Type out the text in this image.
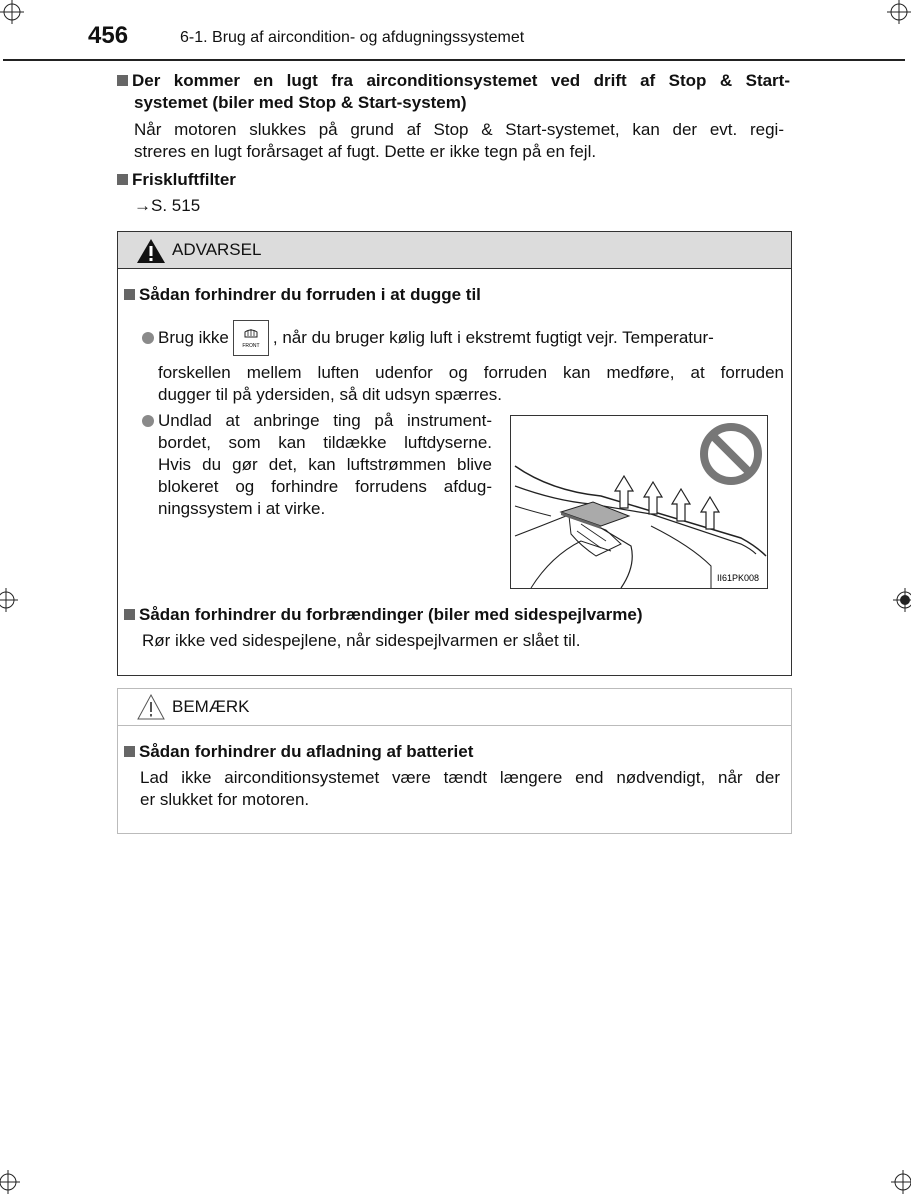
456	6-1. Brug af aircondition- og afdugningssystemet
Der kommer en lugt fra airconditionsystemet ved drift af Stop & Start-
systemet (biler med Stop & Start-system)
Når motoren slukkes på grund af Stop & Start-systemet, kan der evt. regi-
streres en lugt forårsaget af fugt. Dette er ikke tegn på en fejl.
Friskluftfilter
→S. 515
ADVARSEL
Sådan forhindrer du forruden i at dugge til
Brug ikke	FRONT , når du bruger kølig luft i ekstremt fugtigt vejr. Temperatur-
forskellen mellem luften udenfor og forruden kan medføre, at forruden
dugger til på ydersiden, så dit udsyn spærres.
Undlad at anbringe ting på instrument-
bordet, som kan tildække luftdyserne.
Hvis du gør det, kan luftstrømmen blive
blokeret og forhindre forrudens afdug-
ningssystem i at virke.
II61PK008
Sådan forhindrer du forbrændinger (biler med sidespejlvarme)
Rør ikke ved sidespejlene, når sidespejlvarmen er slået til.
BEMÆRK
Sådan forhindrer du afladning af batteriet
Lad ikke airconditionsystemet være tændt længere end nødvendigt, når der
er slukket for motoren.
